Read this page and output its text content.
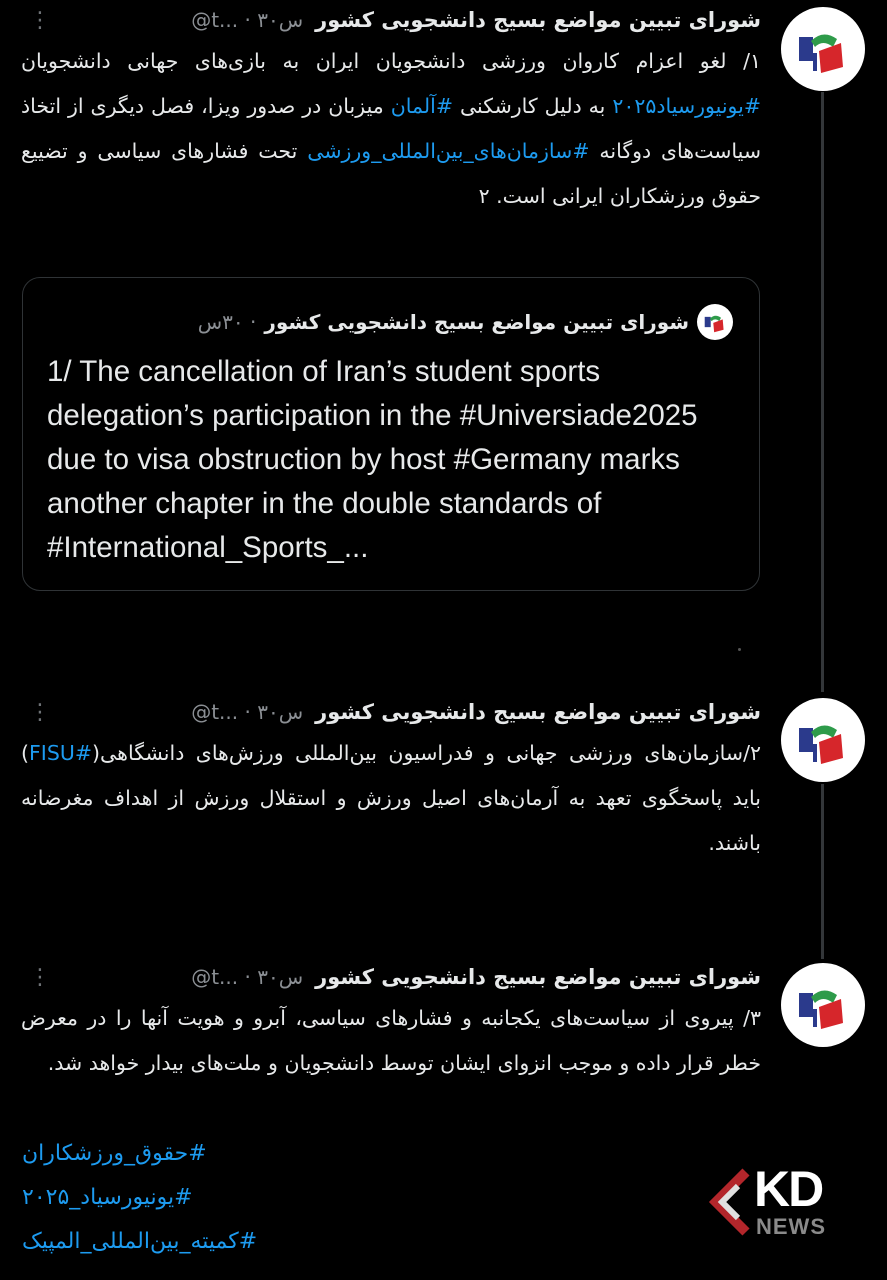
شورای تبیین مواضع بسیج دانشجویی کشور
@t... · ۳۰س
⋮
۱/ لغو اعزام کاروان ورزشی دانشجویان ایران به بازی‌های جهانی دانشجویان #یونیورسیاد۲۰۲۵ به دلیل کارشکنی #آلمان میزبان در صدور ویزا، فصل دیگری از اتخاذ سیاست‌های دوگانه #سازمان‌های_بین‌المللی_ورزشی تحت فشارهای سیاسی و تضییع حقوق ورزشکاران ایرانی است. ۲
شورای تبیین مواضع بسیج دانشجویی کشور
· ۳۰س
1/ The cancellation of Iran’s student sports delegation’s participation in the #Universiade2025 due to visa obstruction by host #Germany marks another chapter in the double standards of #International_Sports_...
شورای تبیین مواضع بسیج دانشجویی کشور
@t... · ۳۰س
⋮
۲/سازمان‌های ورزشی جهانی و فدراسیون بین‌المللی ورزش‌های دانشگاهی(#FISU) باید پاسخگوی تعهد به آرمان‌های اصیل ورزش و استقلال ورزش از اهداف مغرضانه باشند.
شورای تبیین مواضع بسیج دانشجویی کشور
@t... · ۳۰س
⋮
۳/ پیروی از سیاست‌های یکجانبه و فشارهای سیاسی، آبرو و هویت آنها را در معرض خطر قرار داده و موجب انزوای ایشان توسط دانشجویان و ملت‌های بیدار خواهد شد.
#حقوق_ورزشکاران
#یونیورسیاد_۲۰۲۵
#کمیته_بین‌المللی_المپیک
KD
NEWS
